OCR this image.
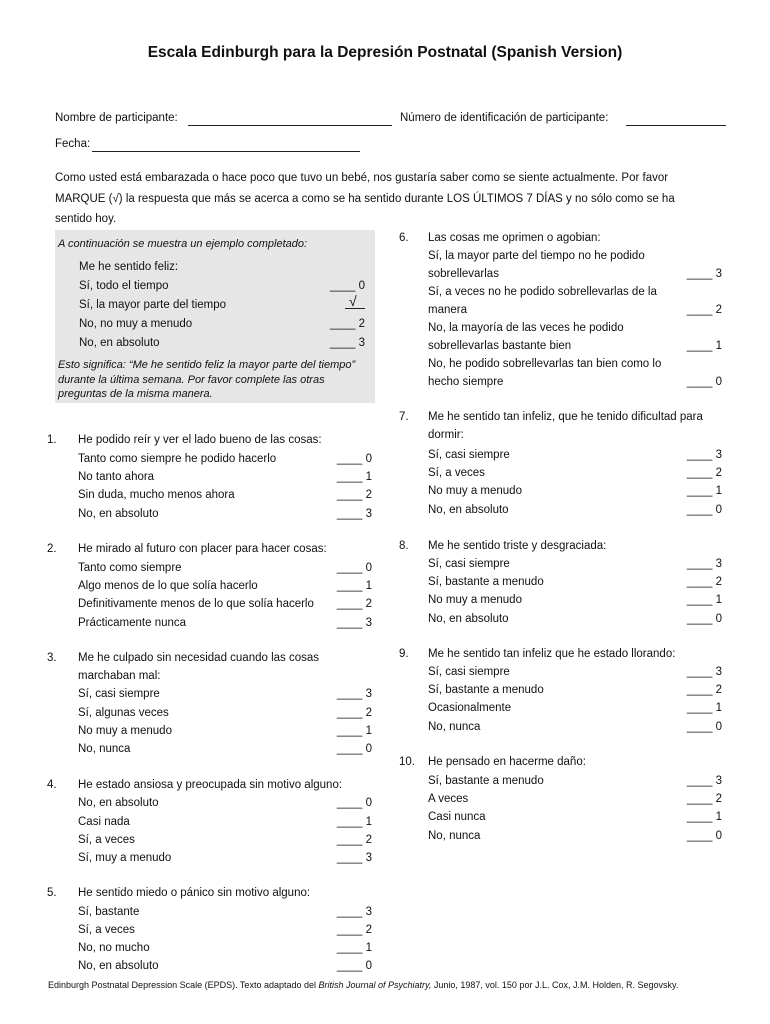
Escala Edinburgh para la Depresión Postnatal (Spanish Version)
Nombre de participante:	Número de identificación de participante:
Fecha:
Como usted está embarazada o hace poco que tuvo un bebé, nos gustaría saber como se siente actualmente. Por favor
MARQUE (√) la respuesta que más se acerca a como se ha sentido durante LOS ÚLTIMOS 7 DÍAS y no sólo como se ha
sentido hoy.
A continuación se muestra un ejemplo completado:
Me he sentido feliz:
Sí, todo el tiempo	____ 0
Sí, la mayor parte del tiempo	√
No, no muy a menudo	____ 2
No, en absoluto	____ 3
Esto significa: “Me he sentido feliz la mayor parte del tiempo” durante la última semana. Por favor complete las otras preguntas de la misma manera.
1. He podido reír y ver el lado bueno de las cosas:
Tanto como siempre he podido hacerlo	____ 0
No tanto ahora	____ 1
Sin duda, mucho menos ahora	____ 2
No, en absoluto	____ 3
2. He mirado al futuro con placer para hacer cosas:
Tanto como siempre	____ 0
Algo menos de lo que solía hacerlo	____ 1
Definitivamente menos de lo que solía hacerlo	____ 2
Prácticamente nunca	____ 3
3. Me he culpado sin necesidad cuando las cosas marchaban mal:
Sí, casi siempre	____ 3
Sí, algunas veces	____ 2
No muy a menudo	____ 1
No, nunca	____ 0
4. He estado ansiosa y preocupada sin motivo alguno:
No, en absoluto	____ 0
Casi nada	____ 1
Sí, a veces	____ 2
Sí, muy a menudo	____ 3
5. He sentido miedo o pánico sin motivo alguno:
Sí, bastante	____ 3
Sí, a veces	____ 2
No, no mucho	____ 1
No, en absoluto	____ 0
6. Las cosas me oprimen o agobian:
Sí, la mayor parte del tiempo no he podido sobrellevarlas	____ 3
Sí, a veces no he podido sobrellevarlas de la manera	____ 2
No, la mayoría de las veces he podido sobrellevarlas bastante bien	____ 1
No, he podido sobrellevarlas tan bien como lo hecho siempre	____ 0
7. Me he sentido tan infeliz, que he tenido dificultad para dormir:
Sí, casi siempre	____ 3
Sí, a veces	____ 2
No muy a menudo	____ 1
No, en absoluto	____ 0
8. Me he sentido triste y desgraciada:
Sí, casi siempre	____ 3
Sí, bastante a menudo	____ 2
No muy a menudo	____ 1
No, en absoluto	____ 0
9. Me he sentido tan infeliz que he estado llorando:
Sí, casi siempre	____ 3
Sí, bastante a menudo	____ 2
Ocasionalmente	____ 1
No, nunca	____ 0
10. He pensado en hacerme daño:
Sí, bastante a menudo	____ 3
A veces	____ 2
Casi nunca	____ 1
No, nunca	____ 0
Edinburgh Postnatal Depression Scale (EPDS). Texto adaptado del British Journal of Psychiatry, Junio, 1987, vol. 150 por J.L. Cox, J.M. Holden, R. Segovsky.
